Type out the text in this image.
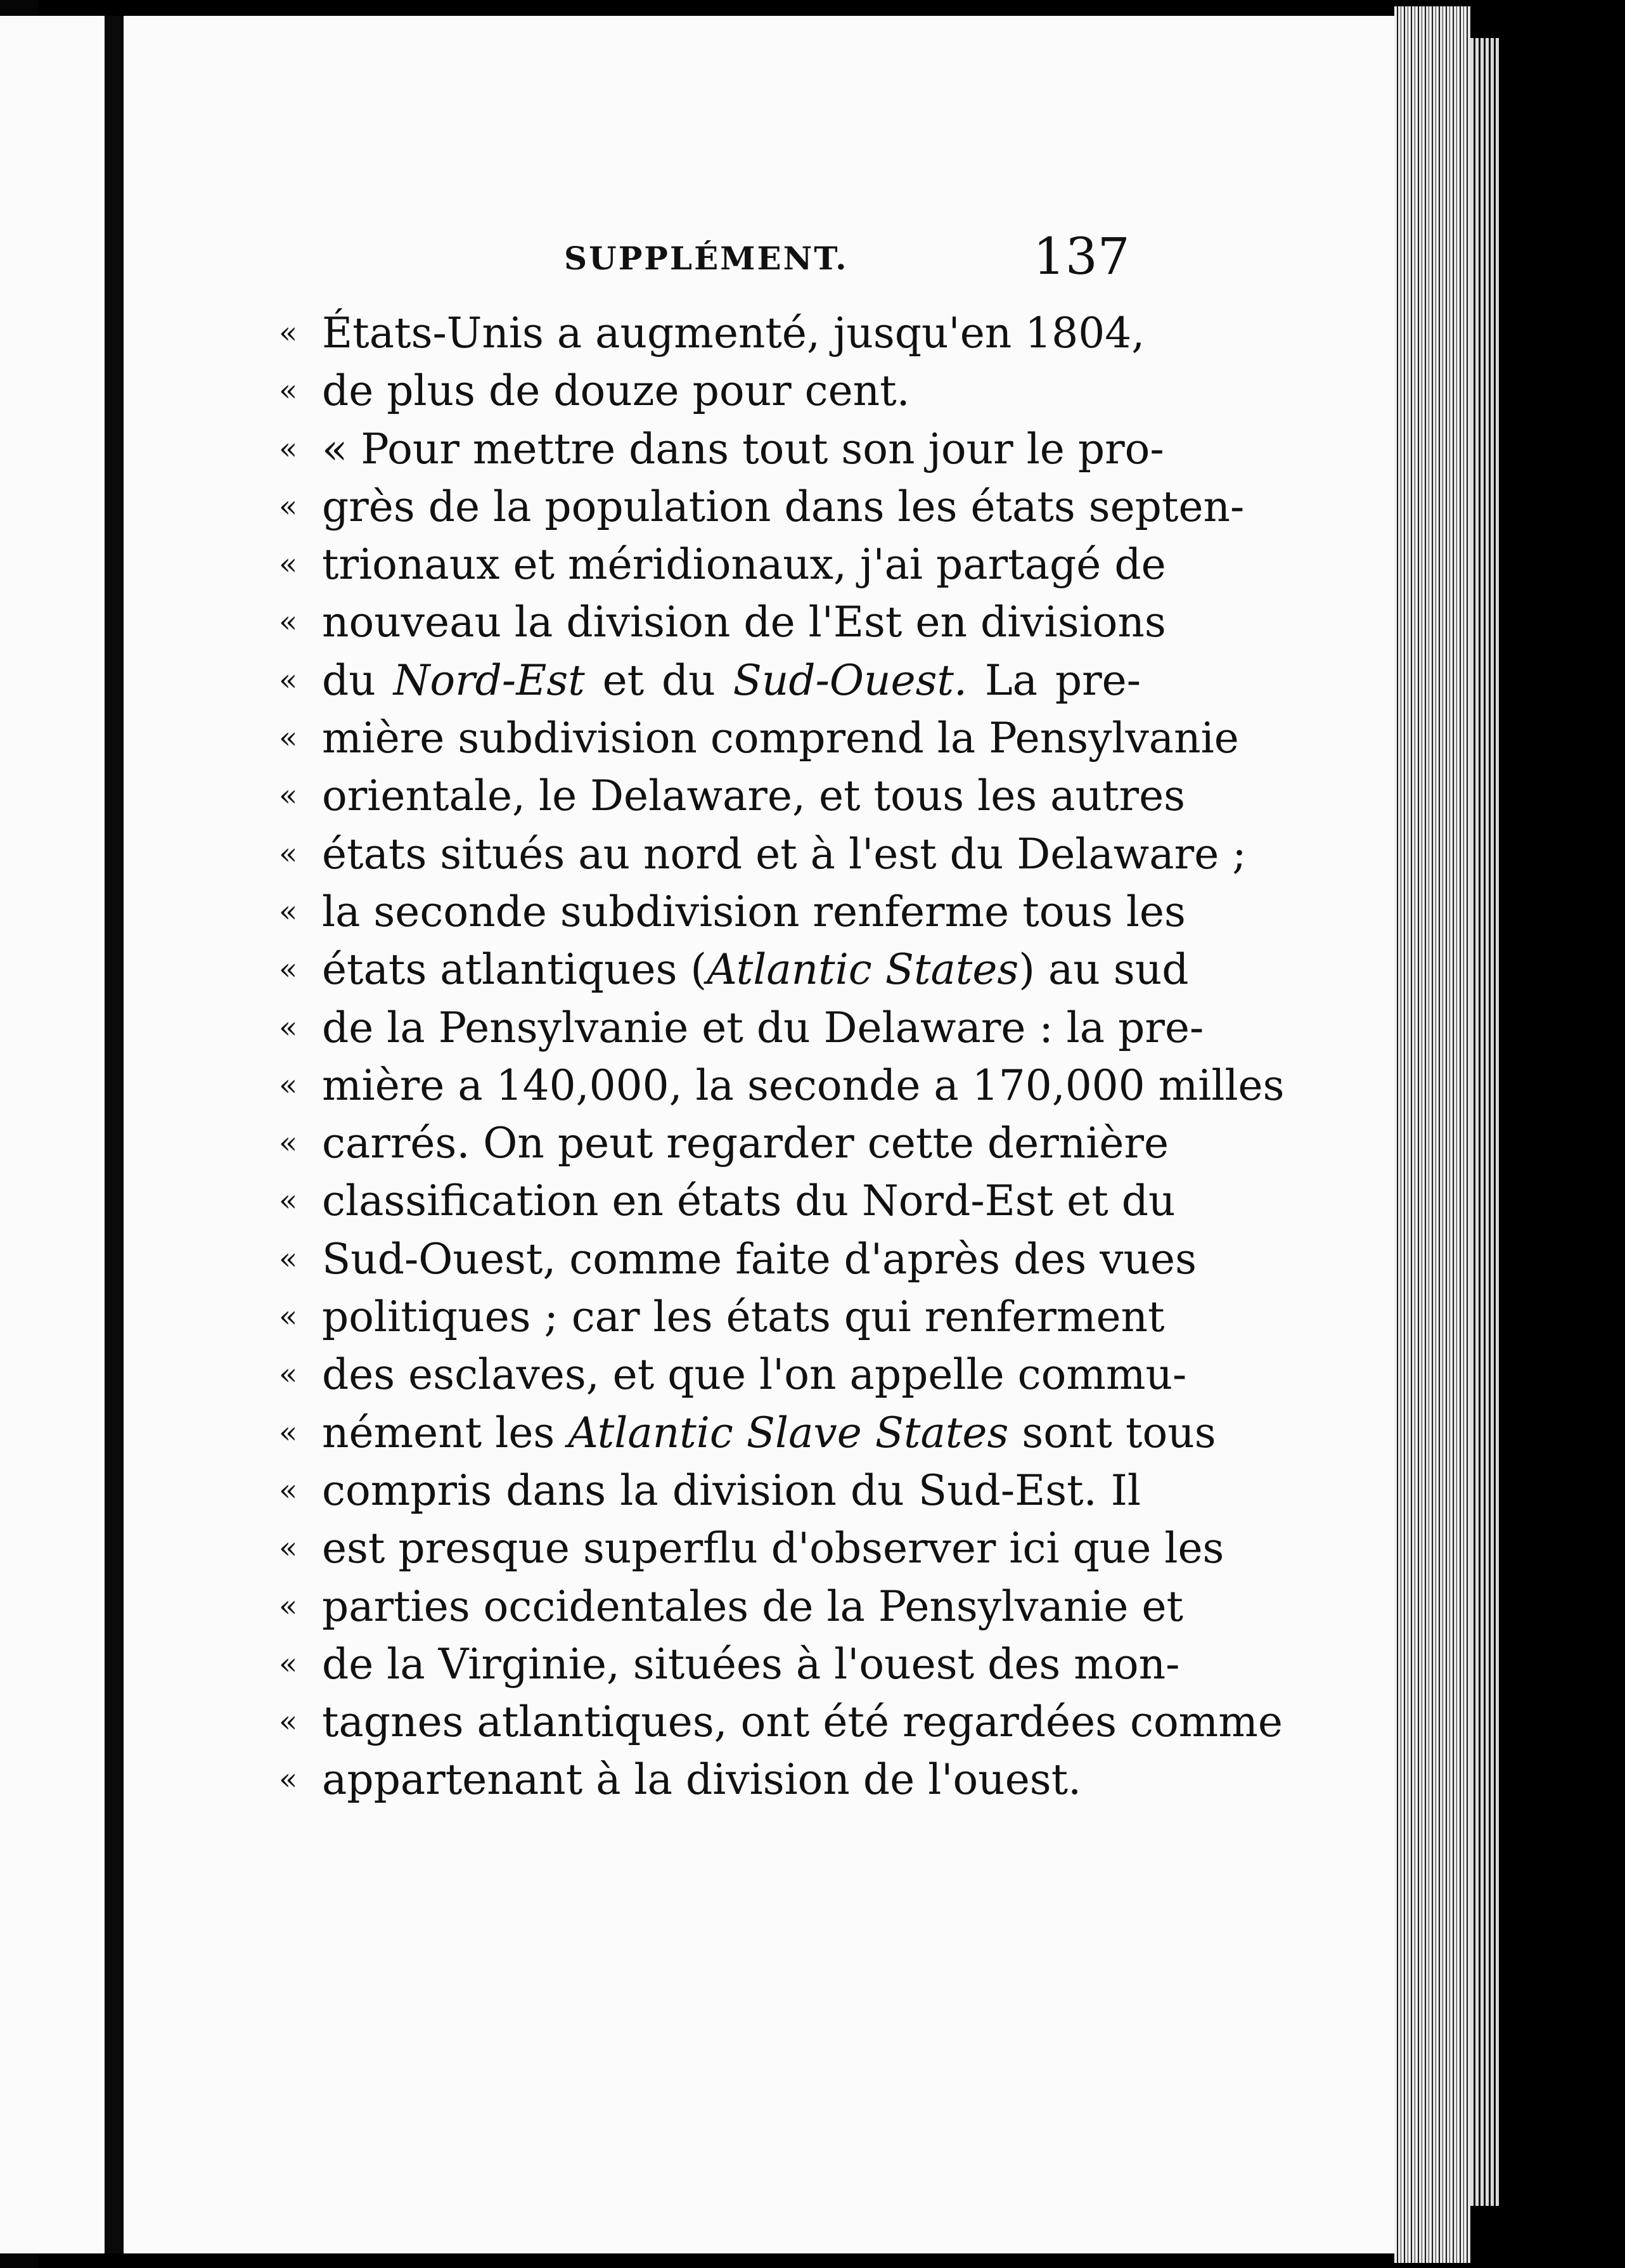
SUPPLÉMENT.	137
« États-Unis a augmenté, jusqu'en 1804,
« de plus de douze pour cent.
« « Pour mettre dans tout son jour le pro-
« grès de la population dans les états septen-
« trionaux et méridionaux, j'ai partagé de
« nouveau la division de l'Est en divisions
« du Nord-Est et du Sud-Ouest. La pre-
« mière subdivision comprend la Pensylvanie
« orientale, le Delaware, et tous les autres
« états situés au nord et à l'est du Delaware ;
« la seconde subdivision renferme tous les
« états atlantiques (Atlantic States) au sud
« de la Pensylvanie et du Delaware : la pre-
« mière a 140,000, la seconde a 170,000 milles
« carrés. On peut regarder cette dernière
« classification en états du Nord-Est et du
« Sud-Ouest, comme faite d'après des vues
« politiques ; car les états qui renferment
« des esclaves, et que l'on appelle commu-
« nément les Atlantic Slave States sont tous
« compris dans la division du Sud-Est. Il
« est presque superflu d'observer ici que les
« parties occidentales de la Pensylvanie et
« de la Virginie, situées à l'ouest des mon-
« tagnes atlantiques, ont été regardées comme
« appartenant à la division de l'ouest.
